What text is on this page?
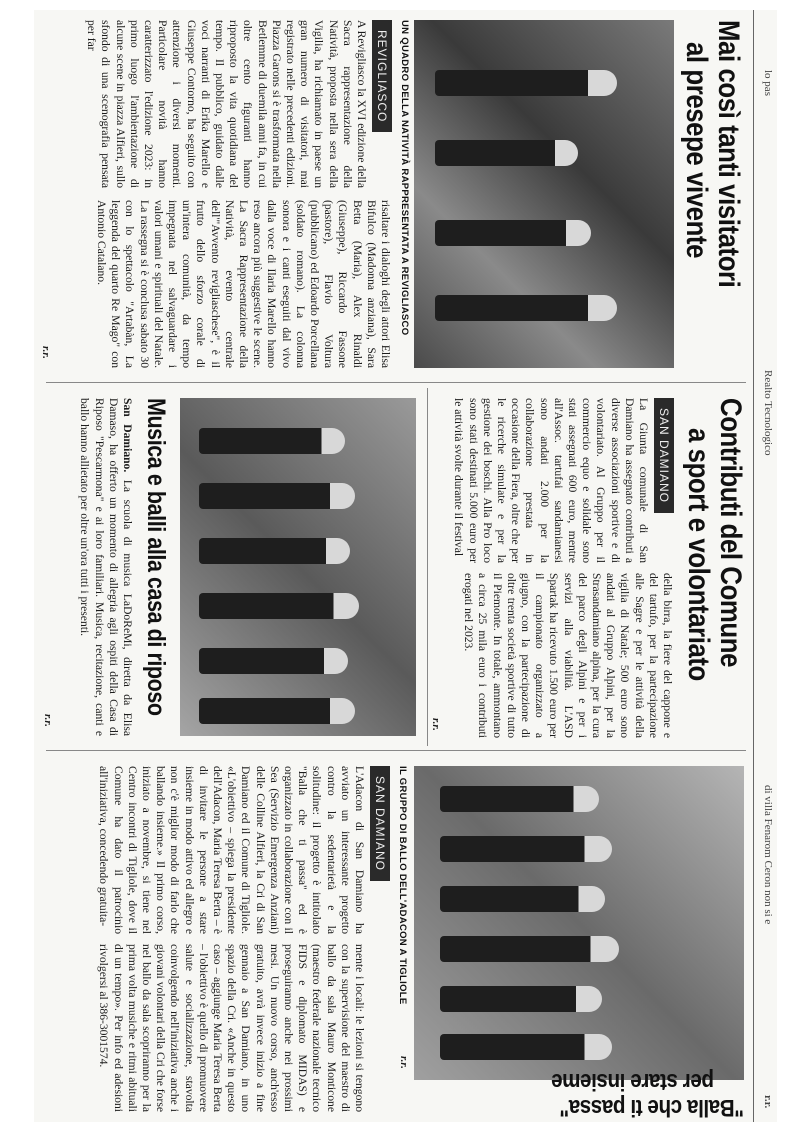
lo pas
Realto Tecnologico
di villa Fenarom Ceron non si e
r.r.
Mai così tanti visitatori
al presepe vivente
UN QUADRO DELLA NATIVITÀ RAPPRESENTATA A REVIGLIASCO
REVIGLIASCO
A Revigliasco la XVI edizione della Sacra rappresentazione della Natività, proposta nella sera della Vigilia, ha richiamato in paese un gran numero di visitatori, mai registrato nelle precedenti edizioni. Piazza Garons si è trasformata nella Betlemme di duemila anni fa, in cui oltre cento figuranti hanno riproposto la vita quotidiana del tempo. Il pubblico, guidato dalle voci narranti di Erika Marello e Giuseppe Contorno, ha seguito con attenzione i diversi momenti. Particolare novità hanno caratterizzato l'edizione 2023: in primo luogo l'ambientazione di alcune scene in piazza Alfieri, sullo sfondo di una scenografia pensata per far
risaltare i dialoghi degli attori Elisa Bifulco (Madonna anziana), Sara Betta (Maria), Alex Rinaldi (Giuseppe), Riccardo Fassone (pastore), Flavio Voltura (pubblicano) ed Edoardo Porcellana (soldato romano). La colonna sonora e i canti eseguiti dal vivo dalla voce di Ilaria Marello hanno reso ancora più suggestive le scene. La Sacra Rappresentazione della Natività, evento centrale dell'"Avvento revigliaschese", è il frutto dello sforzo corale di un'intera comunità, da tempo impegnata nel salvaguardare i valori umani e spirituali del Natale. La rassegna si è conclusa sabato 30 con lo spettacolo "Artabàn, La leggenda del quarto Re Mago" con Antonio Catalano.
r.r.
Contributi del Comune
a sport e volontariato
SAN DAMIANO
La Giunta comunale di San Damiano ha assegnato contributi a diverse associazioni sportive e di volontariato. Al Gruppo per il commercio equo e solidale sono stati assegnati 600 euro, mentre all'Assoc. tartufai sandamianesi sono andati 2.000 per la collaborazione prestata in occasione della Fiera, oltre che per le ricerche simulate e per la gestione dei boschi. Alla Pro loco sono stati destinati 5.000 euro per le attività svolte durante il festival
della birra, la fiere del cappone e del tartufo, per la partecipazione alle Sagre e per le attività della vigilia di Natale; 500 euro sono andati al Gruppo Alpini, per la Strasandamiano alpina, per la cura del parco degli Alpini e per i servizi alla viabilità. L'ASD Spartak ha ricevuto 1.500 euro per il campionato organizzato a giugno, con la partecipazione di oltre trenta società sportive di tutto il Piemonte. In totale, ammontano a circa 25 mila euro i contributi erogati nel 2023.
r.r.
Musica e balli alla casa di riposo
San Damiano. La scuola di musica LaDoReMi, diretta da Elisa Damaso, ha offerto un momento di allegria agli ospiti della Casa di Riposo "Pescarmona" e ai loro familiari. Musica, recitazione, canti e ballo hanno allietato per oltre un'ora tutti i presenti.
r.r.
IL GRUPPO DI BALLO DELL'ADACON A TIGLIOLE
r.r.
SAN DAMIANO
L'Adacon di San Damiano ha avviato un interessante progetto contro la sedentarietà e la solitudine: il progetto è intitolato "Balla che ti passa" ed è organizzato in collaborazione con il Sea (Servizio Emergenza Anziani) delle Colline Alfieri, la Cri di San Damiano ed il Comune di Tigliole. «L'obiettivo – spiega la presidente dell'Adacon, Maria Teresa Berta – è di invitare le persone a stare insieme in modo attivo ed allegro e non c'è miglior modo di farlo che ballando insieme.» Il primo corso, iniziato a novembre, si tiene nel Centro incontri di Tigliole, dove il Comune ha dato il patrocinio all'iniziativa, concedendo gratuita-
mente i locali: le lezioni si tengono con la supervisione del maestro di ballo da sala Mauro Monticone (maestro federale nazionale tecnico FIDS e diplomato MIDAS) e proseguiranno anche nei prossimi mesi. Un nuovo corso, anch'esso gratuito, avrà invece inizio a fine gennaio a San Damiano, in uno spazio della Cri. «Anche in questo caso – aggiunge Maria Teresa Berta – l'obiettivo è quello di promuovere salute e socializzazione, stavolta coinvolgendo nell'iniziativa anche i giovani volontari della Cri che forse nel ballo da sala scopriranno per la prima volta musiche e ritmi abituali di un tempo». Per info ed adesioni rivolgersi al 386-3001574.
"Balla che ti passa"
per stare insieme
